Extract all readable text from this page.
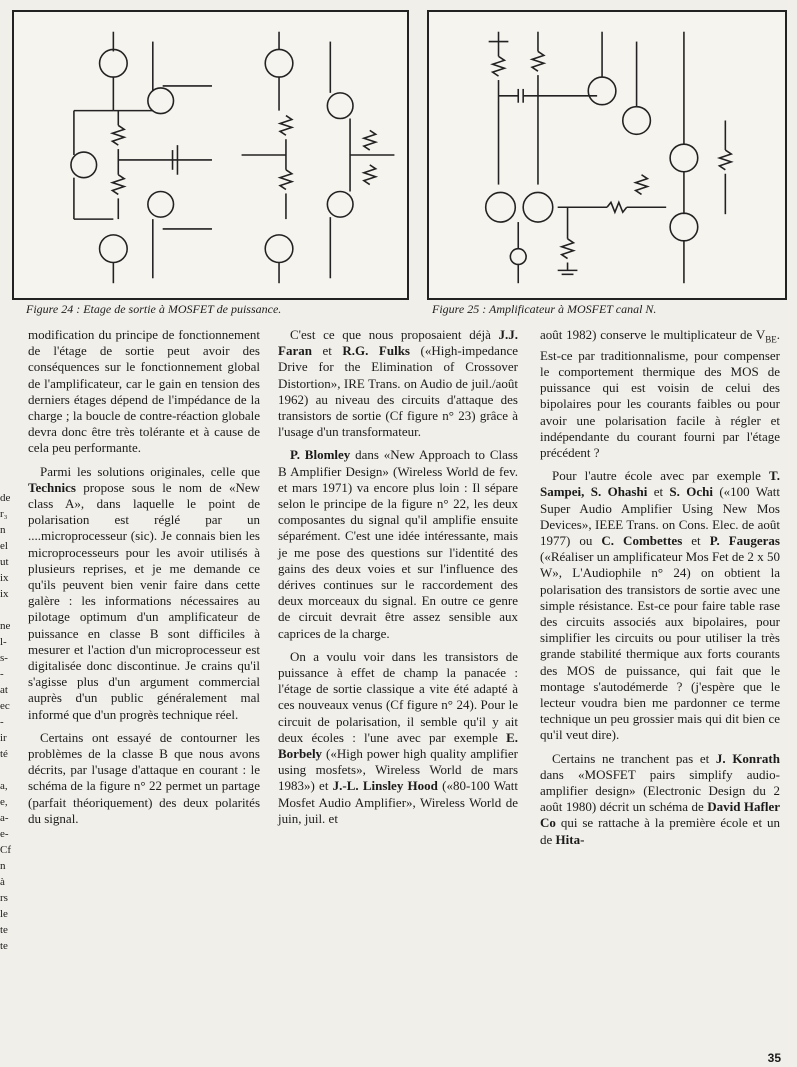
de
r₃
n
el
ut
ix
ix

ne
l-
s-
-
at
ec
-
ir
té

a,
e,
a-
e-
Cf
n
à
rs
le
te
te
Figure 24 : Etage de sortie à MOSFET de puissance.	Figure 25 : Amplificateur à MOSFET canal N.

modification du principe de fonctionnement de l'étage de sortie peut avoir des conséquences sur le fonctionnement global de l'amplificateur, car le gain en tension des derniers étages dépend de l'impédance de la charge ; la boucle de contre-réaction globale devra donc être très tolérante et à cause de cela peu performante.

Parmi les solutions originales, celle que Technics propose sous le nom de «New class A», dans laquelle le point de polarisation est réglé par un ....microprocesseur (sic). Je connais bien les microprocesseurs pour les avoir utilisés à plusieurs reprises, et je me demande ce qu'ils peuvent bien venir faire dans cette galère : les informations nécessaires au pilotage optimum d'un amplificateur de puissance en classe B sont difficiles à mesurer et l'action d'un microprocesseur est digitalisée donc discontinue. Je crains qu'il s'agisse plus d'un argument commercial auprès d'un public généralement mal informé que d'un progrès technique réel.

Certains ont essayé de contourner les problèmes de la classe B que nous avons décrits, par l'usage d'attaque en courant : le schéma de la figure n° 22 permet un partage (parfait théoriquement) des deux polarités du signal.

C'est ce que nous proposaient déjà J.J. Faran et R.G. Fulks («High-impedance Drive for the Elimination of Crossover Distortion», IRE Trans. on Audio de juil./août 1962) au niveau des circuits d'attaque des transistors de sortie (Cf figure n° 23) grâce à l'usage d'un transformateur.

P. Blomley dans «New Approach to Class B Amplifier Design» (Wireless World de fev. et mars 1971) va encore plus loin : Il sépare selon le principe de la figure n° 22, les deux composantes du signal qu'il amplifie ensuite séparément. C'est une idée intéressante, mais je me pose des questions sur l'identité des gains des deux voies et sur l'influence des dérives continues sur le raccordement des deux morceaux du signal. En outre ce genre de circuit devrait être assez sensible aux caprices de la charge.

On a voulu voir dans les transistors de puissance à effet de champ la panacée : l'étage de sortie classique a vite été adapté à ces nouveaux venus (Cf figure n° 24). Pour le circuit de polarisation, il semble qu'il y ait deux écoles : l'une avec par exemple E. Borbely («High power high quality amplifier using mosfets», Wireless World de mars 1983») et J.-L. Linsley Hood («80-100 Watt Mosfet Audio Amplifier», Wireless World de juin, juil. et

août 1982) conserve le multiplicateur de $V_{BE}$. Est-ce par traditionnalisme, pour compenser le comportement thermique des MOS de puissance qui est voisin de celui des bipolaires pour les courants faibles ou pour avoir une polarisation facile à régler et indépendante du courant fourni par l'étage précédent ?

Pour l'autre école avec par exemple T. Sampei, S. Ohashi et S. Ochi («100 Watt Super Audio Amplifier Using New Mos Devices», IEEE Trans. on Cons. Elec. de août 1977) ou C. Combettes et P. Faugeras («Réaliser un amplificateur Mos Fet de 2 x 50 W», L'Audiophile n° 24) on obtient la polarisation des transistors de sortie avec une simple résistance. Est-ce pour faire table rase des circuits associés aux bipolaires, pour simplifier les circuits ou pour utiliser la très grande stabilité thermique aux forts courants des MOS de puissance, qui fait que le montage s'autodémerde ? (j'espère que le lecteur voudra bien me pardonner ce terme technique un peu grossier mais qui dit bien ce qu'il veut dire).

Certains ne tranchent pas et J. Konrath dans «MOSFET pairs simplify audio-amplifier design» (Electronic Design du 2 août 1980) décrit un schéma de David Hafler Co qui se rattache à la première école et un de Hita-

35
